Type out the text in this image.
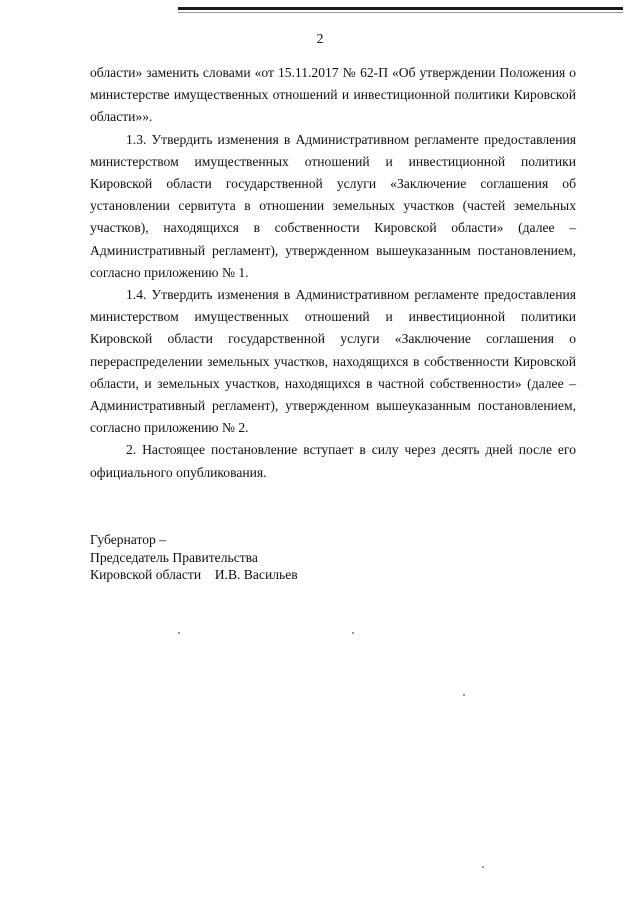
2

области» заменить словами «от 15.11.2017 № 62-П «Об утверждении Положения о министерстве имущественных отношений и инвестиционной политики Кировской области»».

1.3. Утвердить изменения в Административном регламенте предоставления министерством имущественных отношений и инвестиционной политики Кировской области государственной услуги «Заключение соглашения об установлении сервитута в отношении земельных участков (частей земельных участков), находящихся в собственности Кировской области» (далее – Административный регламент), утвержденном вышеуказанным постановлением, согласно приложению № 1.

1.4. Утвердить изменения в Административном регламенте предоставления министерством имущественных отношений и инвестиционной политики Кировской области государственной услуги «Заключение соглашения о перераспределении земельных участков, находящихся в собственности Кировской области, и земельных участков, находящихся в частной собственности» (далее – Административный регламент), утвержденном вышеуказанным постановлением, согласно приложению № 2.

2. Настоящее постановление вступает в силу через десять дней после его официального опубликования.

Губернатор –
Председатель Правительства
Кировской области    И.В. Васильев
